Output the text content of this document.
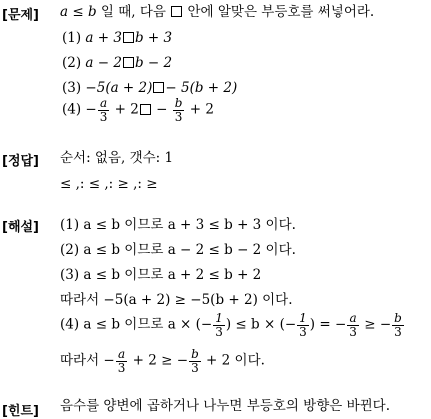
[문제] a ≤ b 일 때, 다음  안에 알맞은 부등호를 써넣어라.
(1) a + 3 b + 3
(2) a − 2 b − 2
(3) −5(a + 2) − 5(b + 2)
$(4) - \frac{a}{3} + 2 - \frac{b}{3} + 2$
[정답] 순서: 없음, 갯수: 1
≤ ,: ≤ ,: ≥ ,: ≥
[해설] (1) a ≤ b 이므로 a + 3 ≤ b + 3 이다.
(2) a ≤ b 이므로 a − 2 ≤ b − 2 이다.
(3) a ≤ b 이므로 a + 2 ≤ b + 2
따라서 −5(a + 2) ≥ −5(b + 2) 이다.
(4) a ≤ b 이므로 a × (− $\frac{1}{3}$ ) ≤ b × (− $\frac{1}{3}$ ) = − $\frac{a}{3}$ ≥ − $\frac{b}{3}$
따라서 − $\frac{a}{3} + 2$ ≥ − $\frac{b}{3} + 2$ 이다.
[힌트] 음수를 양변에 곱하거나 나누면 부등호의 방향은 바뀐다.
